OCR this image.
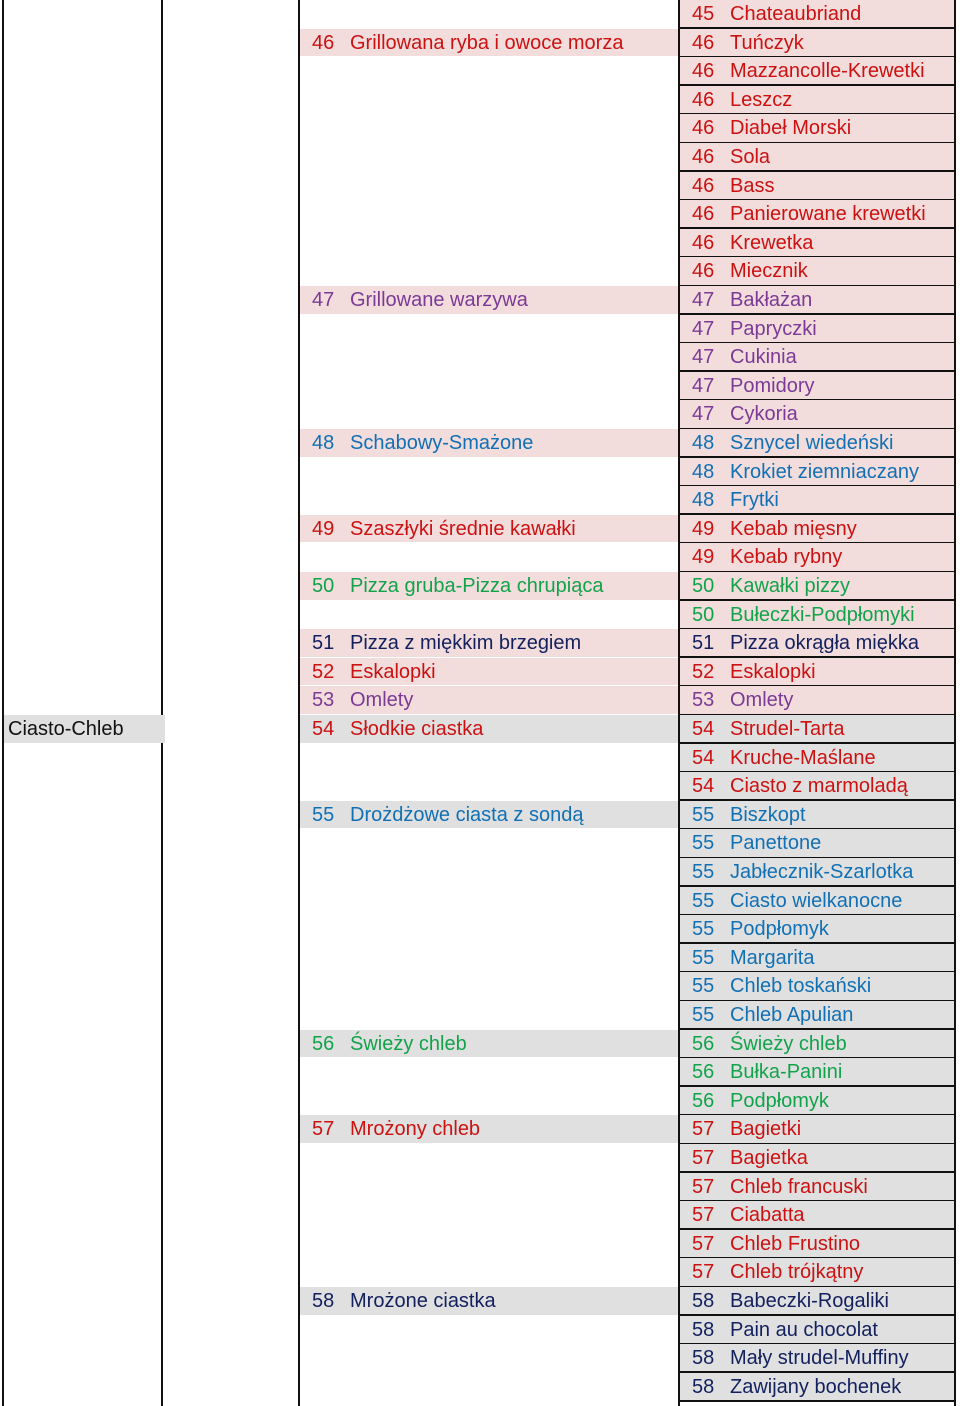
45 Chateaubriand
46 Grillowana ryba i owoce morza	46 Tuńczyk
46 Mazzancolle-Krewetki
46 Leszcz
46 Diabeł Morski
46 Sola
46 Bass
46 Panierowane krewetki
46 Krewetka
46 Miecznik
47 Grillowane warzywa	47 Bakłażan
47 Papryczki
47 Cukinia
47 Pomidory
47 Cykoria
48 Schabowy-Smażone	48 Sznycel wiedeński
48 Krokiet ziemniaczany
48 Frytki
49 Szaszłyki średnie kawałki	49 Kebab mięsny
49 Kebab rybny
50 Pizza gruba-Pizza chrupiąca	50 Kawałki pizzy
50 Bułeczki-Podpłomyki
51 Pizza z miękkim brzegiem	51 Pizza okrągła miękka
52 Eskalopki	52 Eskalopki
53 Omlety	53 Omlety
Ciasto-Chleb	54 Słodkie ciastka	54 Strudel-Tarta
54 Kruche-Maślane
54 Ciasto z marmoladą
55 Drożdżowe ciasta z sondą	55 Biszkopt
55 Panettone
55 Jabłecznik-Szarlotka
55 Ciasto wielkanocne
55 Podpłomyk
55 Margarita
55 Chleb toskański
55 Chleb Apulian
56 Świeży chleb	56 Świeży chleb
56 Bułka-Panini
56 Podpłomyk
57 Mrożony chleb	57 Bagietki
57 Bagietka
57 Chleb francuski
57 Ciabatta
57 Chleb Frustino
57 Chleb trójkątny
58 Mrożone ciastka	58 Babeczki-Rogaliki
58 Pain au chocolat
58 Mały strudel-Muffiny
58 Zawijany bochenek
